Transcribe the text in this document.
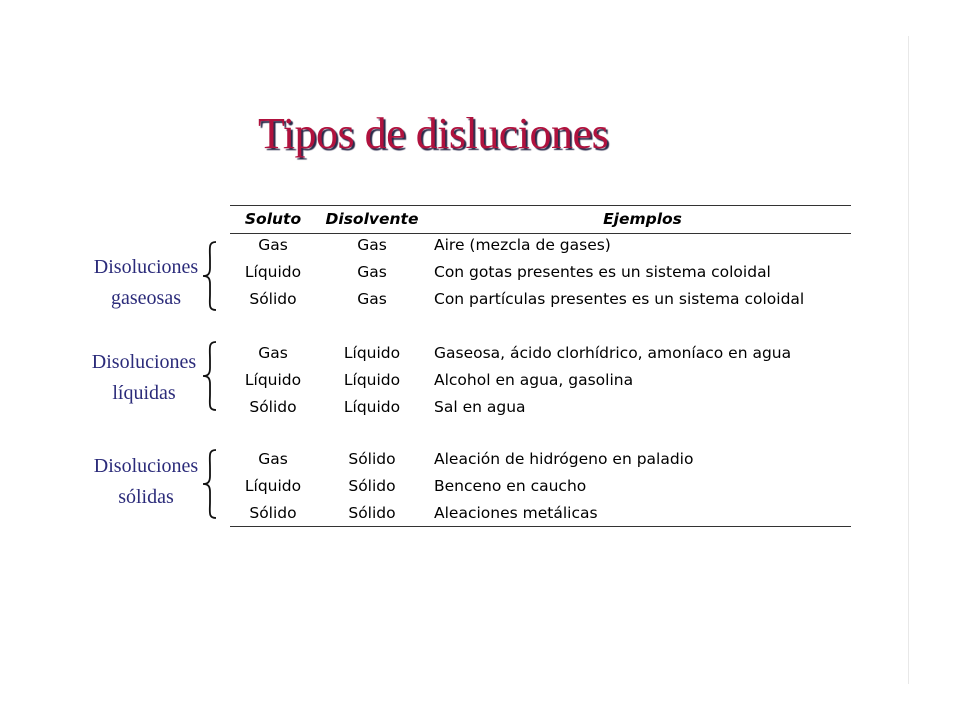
Tipos de disluciones
Disoluciones
gaseosas
Disoluciones
líquidas
Disoluciones
sólidas
Soluto	Disolvente	Ejemplos
Gas	Gas	Aire (mezcla de gases)
Líquido	Gas	Con gotas presentes es un sistema coloidal
Sólido	Gas	Con partículas presentes es un sistema coloidal
Gas	Líquido	Gaseosa, ácido clorhídrico, amoníaco en agua
Líquido	Líquido	Alcohol en agua, gasolina
Sólido	Líquido	Sal en agua
Gas	Sólido	Aleación de hidrógeno en paladio
Líquido	Sólido	Benceno en caucho
Sólido	Sólido	Aleaciones metálicas
